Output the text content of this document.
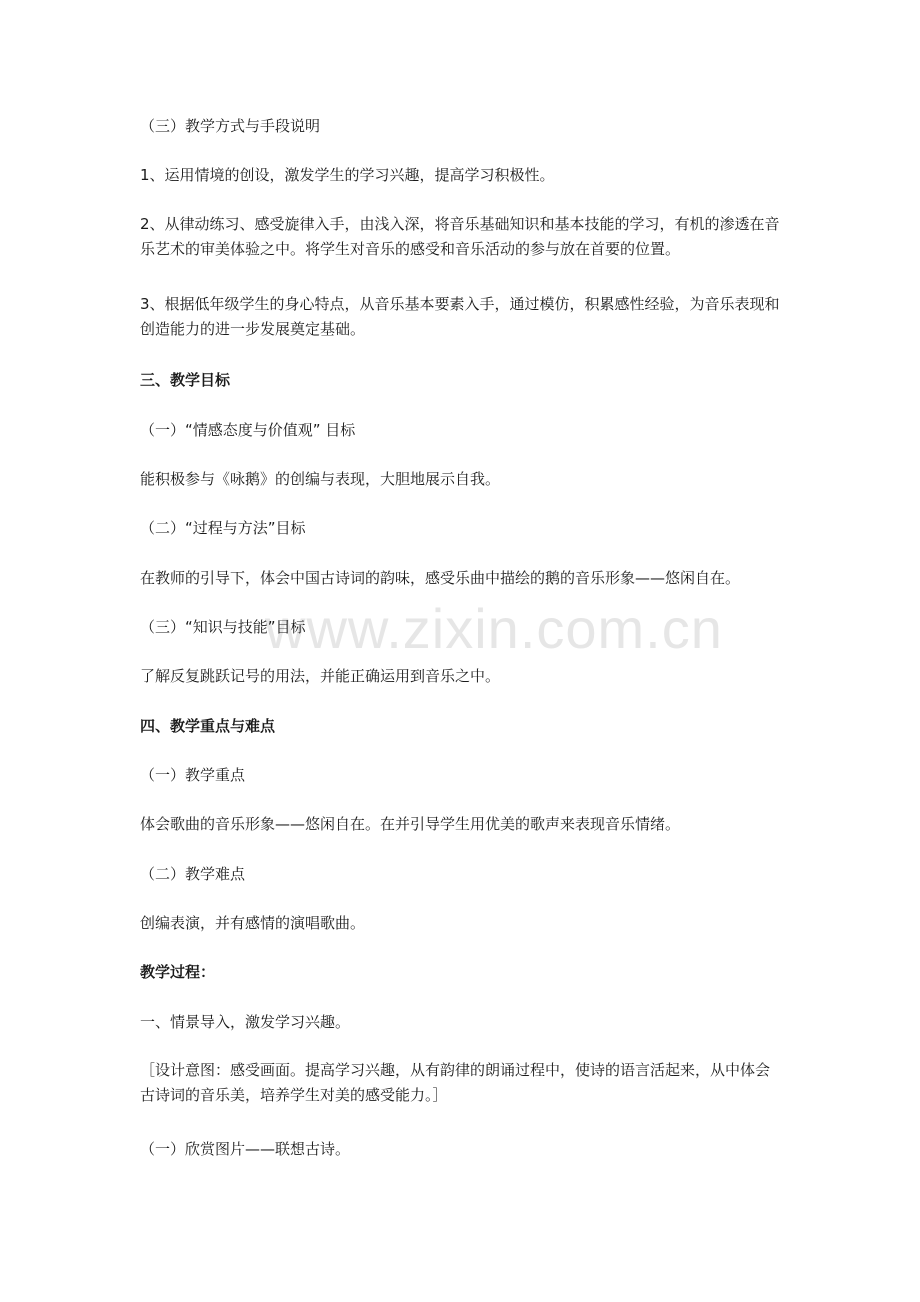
www.zixin.com.cn

（三）教学方式与手段说明

1、运用情境的创设，激发学生的学习兴趣，提高学习积极性。

2、从律动练习、感受旋律入手，由浅入深，将音乐基础知识和基本技能的学习，有机的渗透在音乐艺术的审美体验之中。将学生对音乐的感受和音乐活动的参与放在首要的位置。

3、根据低年级学生的身心特点，从音乐基本要素入手，通过模仿，积累感性经验，为音乐表现和创造能力的进一步发展奠定基础。

三、教学目标

（一）“情感态度与价值观” 目标

能积极参与《咏鹅》的创编与表现，大胆地展示自我。

（二）“过程与方法”目标

在教师的引导下，体会中国古诗词的韵味，感受乐曲中描绘的鹅的音乐形象——悠闲自在。

（三）“知识与技能”目标

了解反复跳跃记号的用法，并能正确运用到音乐之中。

四、教学重点与难点

（一）教学重点

体会歌曲的音乐形象——悠闲自在。在并引导学生用优美的歌声来表现音乐情绪。

（二）教学难点

创编表演，并有感情的演唱歌曲。

教学过程：

一、情景导入，激发学习兴趣。

［设计意图：感受画面。提高学习兴趣，从有韵律的朗诵过程中，使诗的语言活起来，从中体会古诗词的音乐美，培养学生对美的感受能力。］

（一）欣赏图片——联想古诗。
